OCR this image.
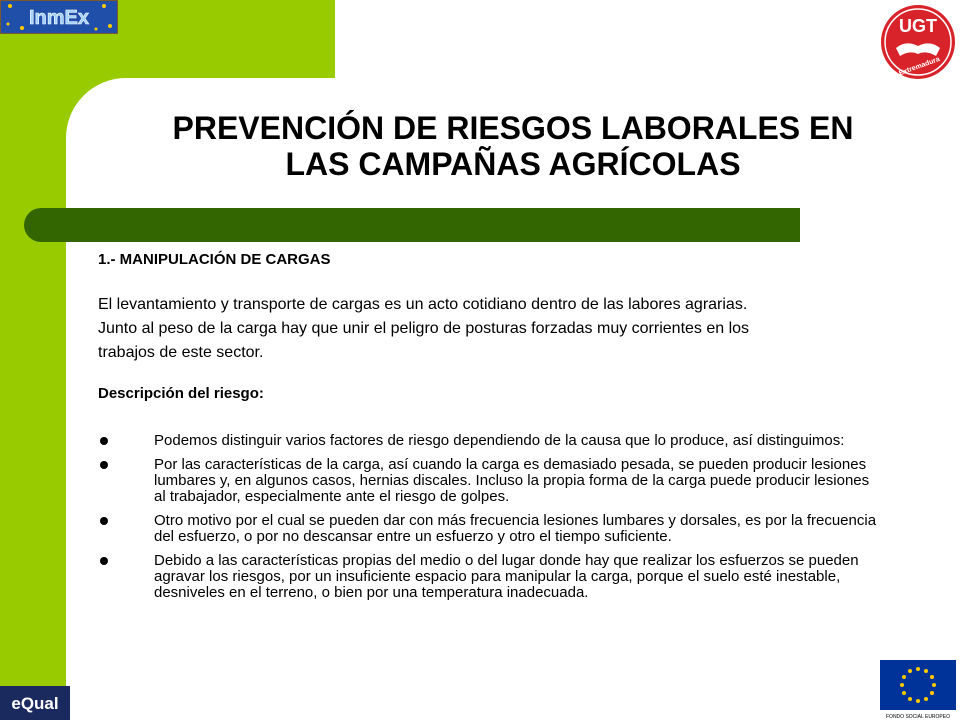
InmEx	UGT
Extremadura
PREVENCIÓN DE RIESGOS LABORALES EN
LAS CAMPAÑAS AGRÍCOLAS

1.- MANIPULACIÓN DE CARGAS

El levantamiento y transporte de cargas es un acto cotidiano dentro de las labores agrarias.
Junto al peso de la carga hay que unir el peligro de posturas forzadas muy corrientes en los
trabajos de este sector.

Descripción del riesgo:

Podemos distinguir varios factores de riesgo dependiendo de la causa que lo produce, así distinguimos:
Por las características de la carga, así cuando la carga es demasiado pesada, se pueden producir lesiones lumbares y, en algunos casos, hernias discales. Incluso la propia forma de la carga puede producir lesiones al trabajador, especialmente ante el riesgo de golpes.
Otro motivo por el cual se pueden dar con más frecuencia lesiones lumbares y dorsales, es por la frecuencia del esfuerzo, o por no descansar entre un esfuerzo y otro el tiempo suficiente.
Debido a las características propias del medio o del lugar donde hay que realizar los esfuerzos se pueden agravar los riesgos, por un insuficiente espacio para manipular la carga, porque el suelo esté inestable, desniveles en el terreno, o bien por una temperatura inadecuada.
eQual
FONDO SOCIAL EUROPEO
